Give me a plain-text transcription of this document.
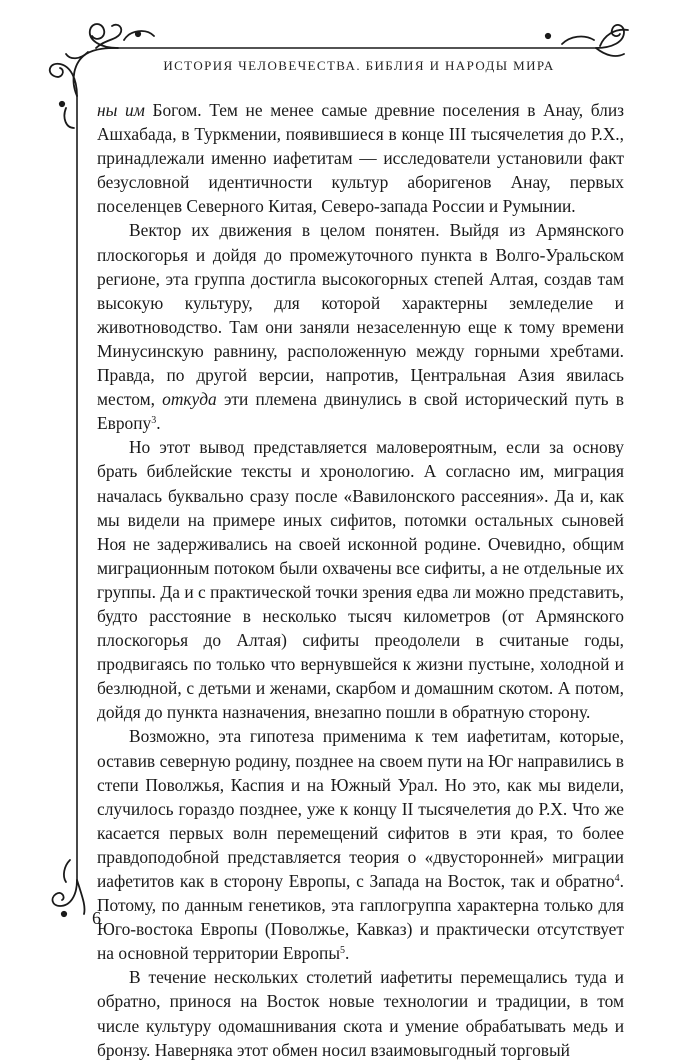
ИСТОРИЯ ЧЕЛОВЕЧЕСТВА. БИБЛИЯ И НАРОДЫ МИРА

ны им Богом. Тем не менее самые древние поселения в Анау, близ Ашхабада, в Туркмении, появившиеся в конце III тысячелетия до Р.Х., принадлежали именно иафетитам — исследователи установили факт безусловной идентичности культур аборигенов Анау, первых поселенцев Северного Китая, Северо-запада России и Румынии.

Вектор их движения в целом понятен. Выйдя из Армянского плоскогорья и дойдя до промежуточного пункта в Волго-Уральском регионе, эта группа достигла высокогорных степей Алтая, создав там высокую культуру, для которой характерны земледелие и животноводство. Там они заняли незаселенную еще к тому времени Минусинскую равнину, расположенную между горными хребтами. Правда, по другой версии, напротив, Центральная Азия явилась местом, откуда эти племена двинулись в свой исторический путь в Европу$^3$.

Но этот вывод представляется маловероятным, если за основу брать библейские тексты и хронологию. А согласно им, миграция началась буквально сразу после «Вавилонского рассеяния». Да и, как мы видели на примере иных сифитов, потомки остальных сыновей Ноя не задерживались на своей исконной родине. Очевидно, общим миграционным потоком были охвачены все сифиты, а не отдельные их группы. Да и с практической точки зрения едва ли можно представить, будто расстояние в несколько тысяч километров (от Армянского плоскогорья до Алтая) сифиты преодолели в считаные годы, продвигаясь по только что вернувшейся к жизни пустыне, холодной и безлюдной, с детьми и женами, скарбом и домашним скотом. А потом, дойдя до пункта назначения, внезапно пошли в обратную сторону.

Возможно, эта гипотеза применима к тем иафетитам, которые, оставив северную родину, позднее на своем пути на Юг направились в степи Поволжья, Каспия и на Южный Урал. Но это, как мы видели, случилось гораздо позднее, уже к концу II тысячелетия до Р.Х. Что же касается первых волн перемещений сифитов в эти края, то более правдоподобной представляется теория о «двусторонней» миграции иафетитов как в сторону Европы, с Запада на Восток, так и обратно$^4$. Потому, по данным генетиков, эта гаплогруппа характерна только для Юго-востока Европы (Поволжье, Кавказ) и практически отсутствует на основной территории Европы$^5$.

В течение нескольких столетий иафетиты перемещались туда и обратно, принося на Восток новые технологии и традиции, в том числе культуру одомашнивания скота и умение обрабатывать медь и бронзу. Наверняка этот обмен носил взаимовыгодный торговый

6
